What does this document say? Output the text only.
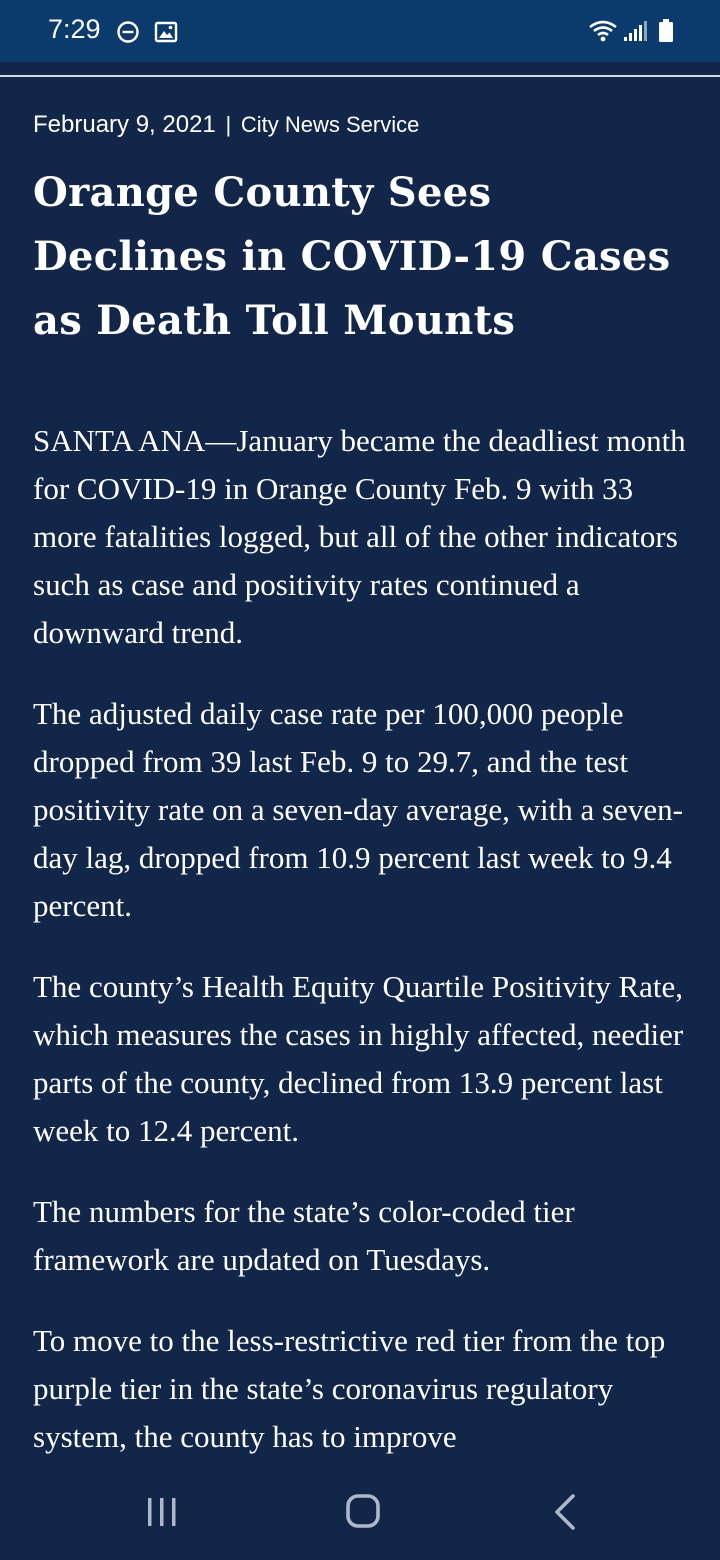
7:29

February 9, 2021 | City News Service
Orange County Sees Declines in COVID-19 Cases as Death Toll Mounts

SANTA ANA—January became the deadliest month for COVID-19 in Orange County Feb. 9 with 33 more fatalities logged, but all of the other indicators such as case and positivity rates continued a downward trend.

The adjusted daily case rate per 100,000 people dropped from 39 last Feb. 9 to 29.7, and the test positivity rate on a seven-day average, with a seven-day lag, dropped from 10.9 percent last week to 9.4 percent.

The county’s Health Equity Quartile Positivity Rate, which measures the cases in highly affected, needier parts of the county, declined from 13.9 percent last week to 12.4 percent.

The numbers for the state’s color-coded tier framework are updated on Tuesdays.

To move to the less-restrictive red tier from the top purple tier in the state’s coronavirus regulatory system, the county has to improve
